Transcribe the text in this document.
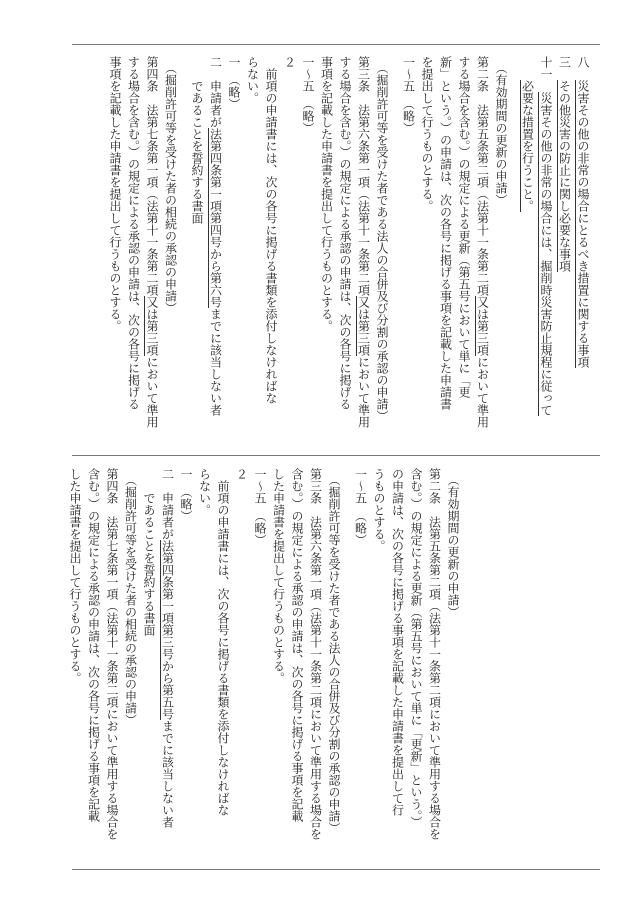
八　災害その他の非常の場合にとるべき措置に関する事項
三　その他災害の防止に関し必要な事項
十一　災害その他の非常の場合には、掘削時災害防止規程に従って
　　必要な措置を行うこと。
　（有効期間の更新の申請）
第二条　法第五条第二項（法第十一条第二項又は第三項において準用
する場合を含む。）の規定による更新（第五号において単に「更
新」という。）の申請は、次の各号に掲げる事項を記載した申請書
を提出して行うものとする。
一～五　（略）
　（掘削許可等を受けた者である法人の合併及び分割の承認の申請）
第三条　法第六条第一項（法第十一条第二項又は第三項において準用
する場合を含む。）の規定による承認の申請は、次の各号に掲げる
事項を記載した申請書を提出して行うものとする。
一～五　（略）
２
　前項の申請書には、次の各号に掲げる書類を添付しなければな
らない。
一　（略）
二　申請者が法第四条第一項第四号から第六号までに該当しない者
　　であることを誓約する書面
　（掘削許可等を受けた者の相続の承認の申請）
第四条　法第七条第一項（法第十一条第二項又は第三項において準用
する場合を含む。）の規定による承認の申請は、次の各号に掲げる
事項を記載した申請書を提出して行うものとする。
　（有効期間の更新の申請）
第二条　法第五条第二項（法第十一条第二項において準用する場合を
含む。）の規定による更新（第五号において単に「更新」という。）
の申請は、次の各号に掲げる事項を記載した申請書を提出して行
うものとする。
一～五　（略）
　（掘削許可等を受けた者である法人の合併及び分割の承認の申請）
第三条　法第六条第一項（法第十一条第二項において準用する場合を
含む。）の規定による承認の申請は、次の各号に掲げる事項を記載
した申請書を提出して行うものとする。
一～五　（略）
２
　前項の申請書には、次の各号に掲げる書類を添付しなければな
らない。
一　（略）
二　申請者が法第四条第一項第三号から第五号までに該当しない者
　　であることを誓約する書面
　（掘削許可等を受けた者の相続の承認の申請）
第四条　法第七条第一項（法第十一条第二項において準用する場合を
含む。）の規定による承認の申請は、次の各号に掲げる事項を記載
した申請書を提出して行うものとする。
